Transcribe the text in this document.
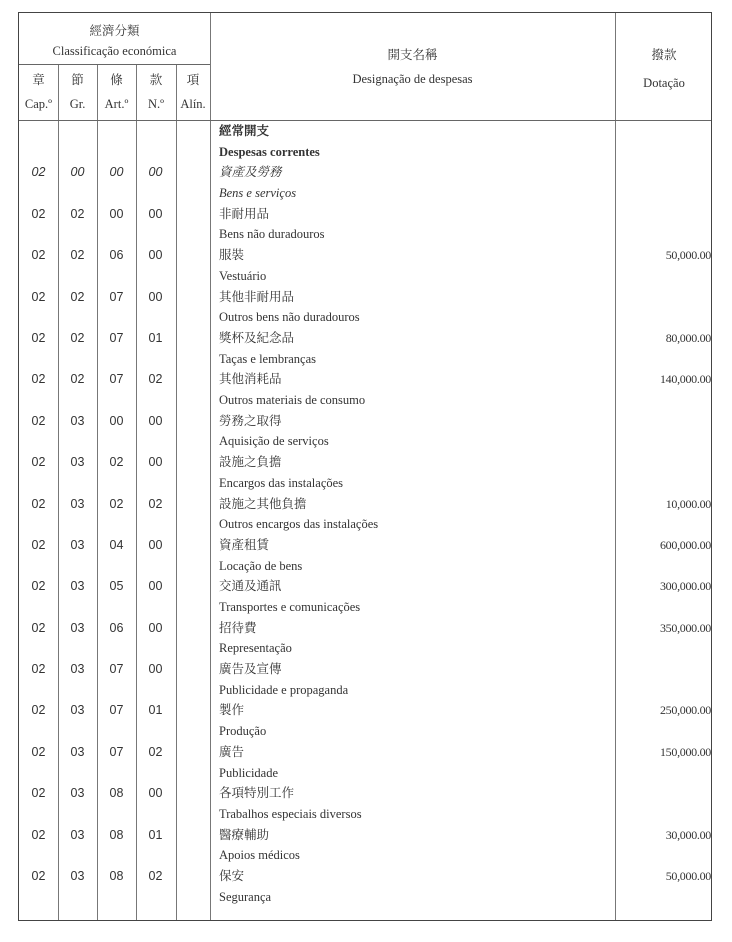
經濟分類
Classificação económica
章
Cap.º
節
Gr.
條
Art.º
款
N.º
項
Alín.
開支名稱
Designação de despesas
撥款
Dotação
經常開支
Despesas correntes
02	00	00	00	資產及勞務
Bens e serviços
02	02	00	00	非耐用品
Bens não duradouros
02	02	06	00	服裝
Vestuário
50,000.00
02	02	07	00	其他非耐用品
Outros bens não duradouros
02	02	07	01	獎杯及紀念品
Taças e lembranças
80,000.00
02	02	07	02	其他消耗品
Outros materiais de consumo
140,000.00
02	03	00	00	勞務之取得
Aquisição de serviços
02	03	02	00	設施之負擔
Encargos das instalações
02	03	02	02	設施之其他負擔
Outros encargos das instalações
10,000.00
02	03	04	00	資產租賃
Locação de bens
600,000.00
02	03	05	00	交通及通訊
Transportes e comunicações
300,000.00
02	03	06	00	招待費
Representação
350,000.00
02	03	07	00	廣告及宣傳
Publicidade e propaganda
02	03	07	01	製作
Produção
250,000.00
02	03	07	02	廣告
Publicidade
150,000.00
02	03	08	00	各項特別工作
Trabalhos especiais diversos
02	03	08	01	醫療輔助
Apoios médicos
30,000.00
02	03	08	02	保安
Segurança
50,000.00
